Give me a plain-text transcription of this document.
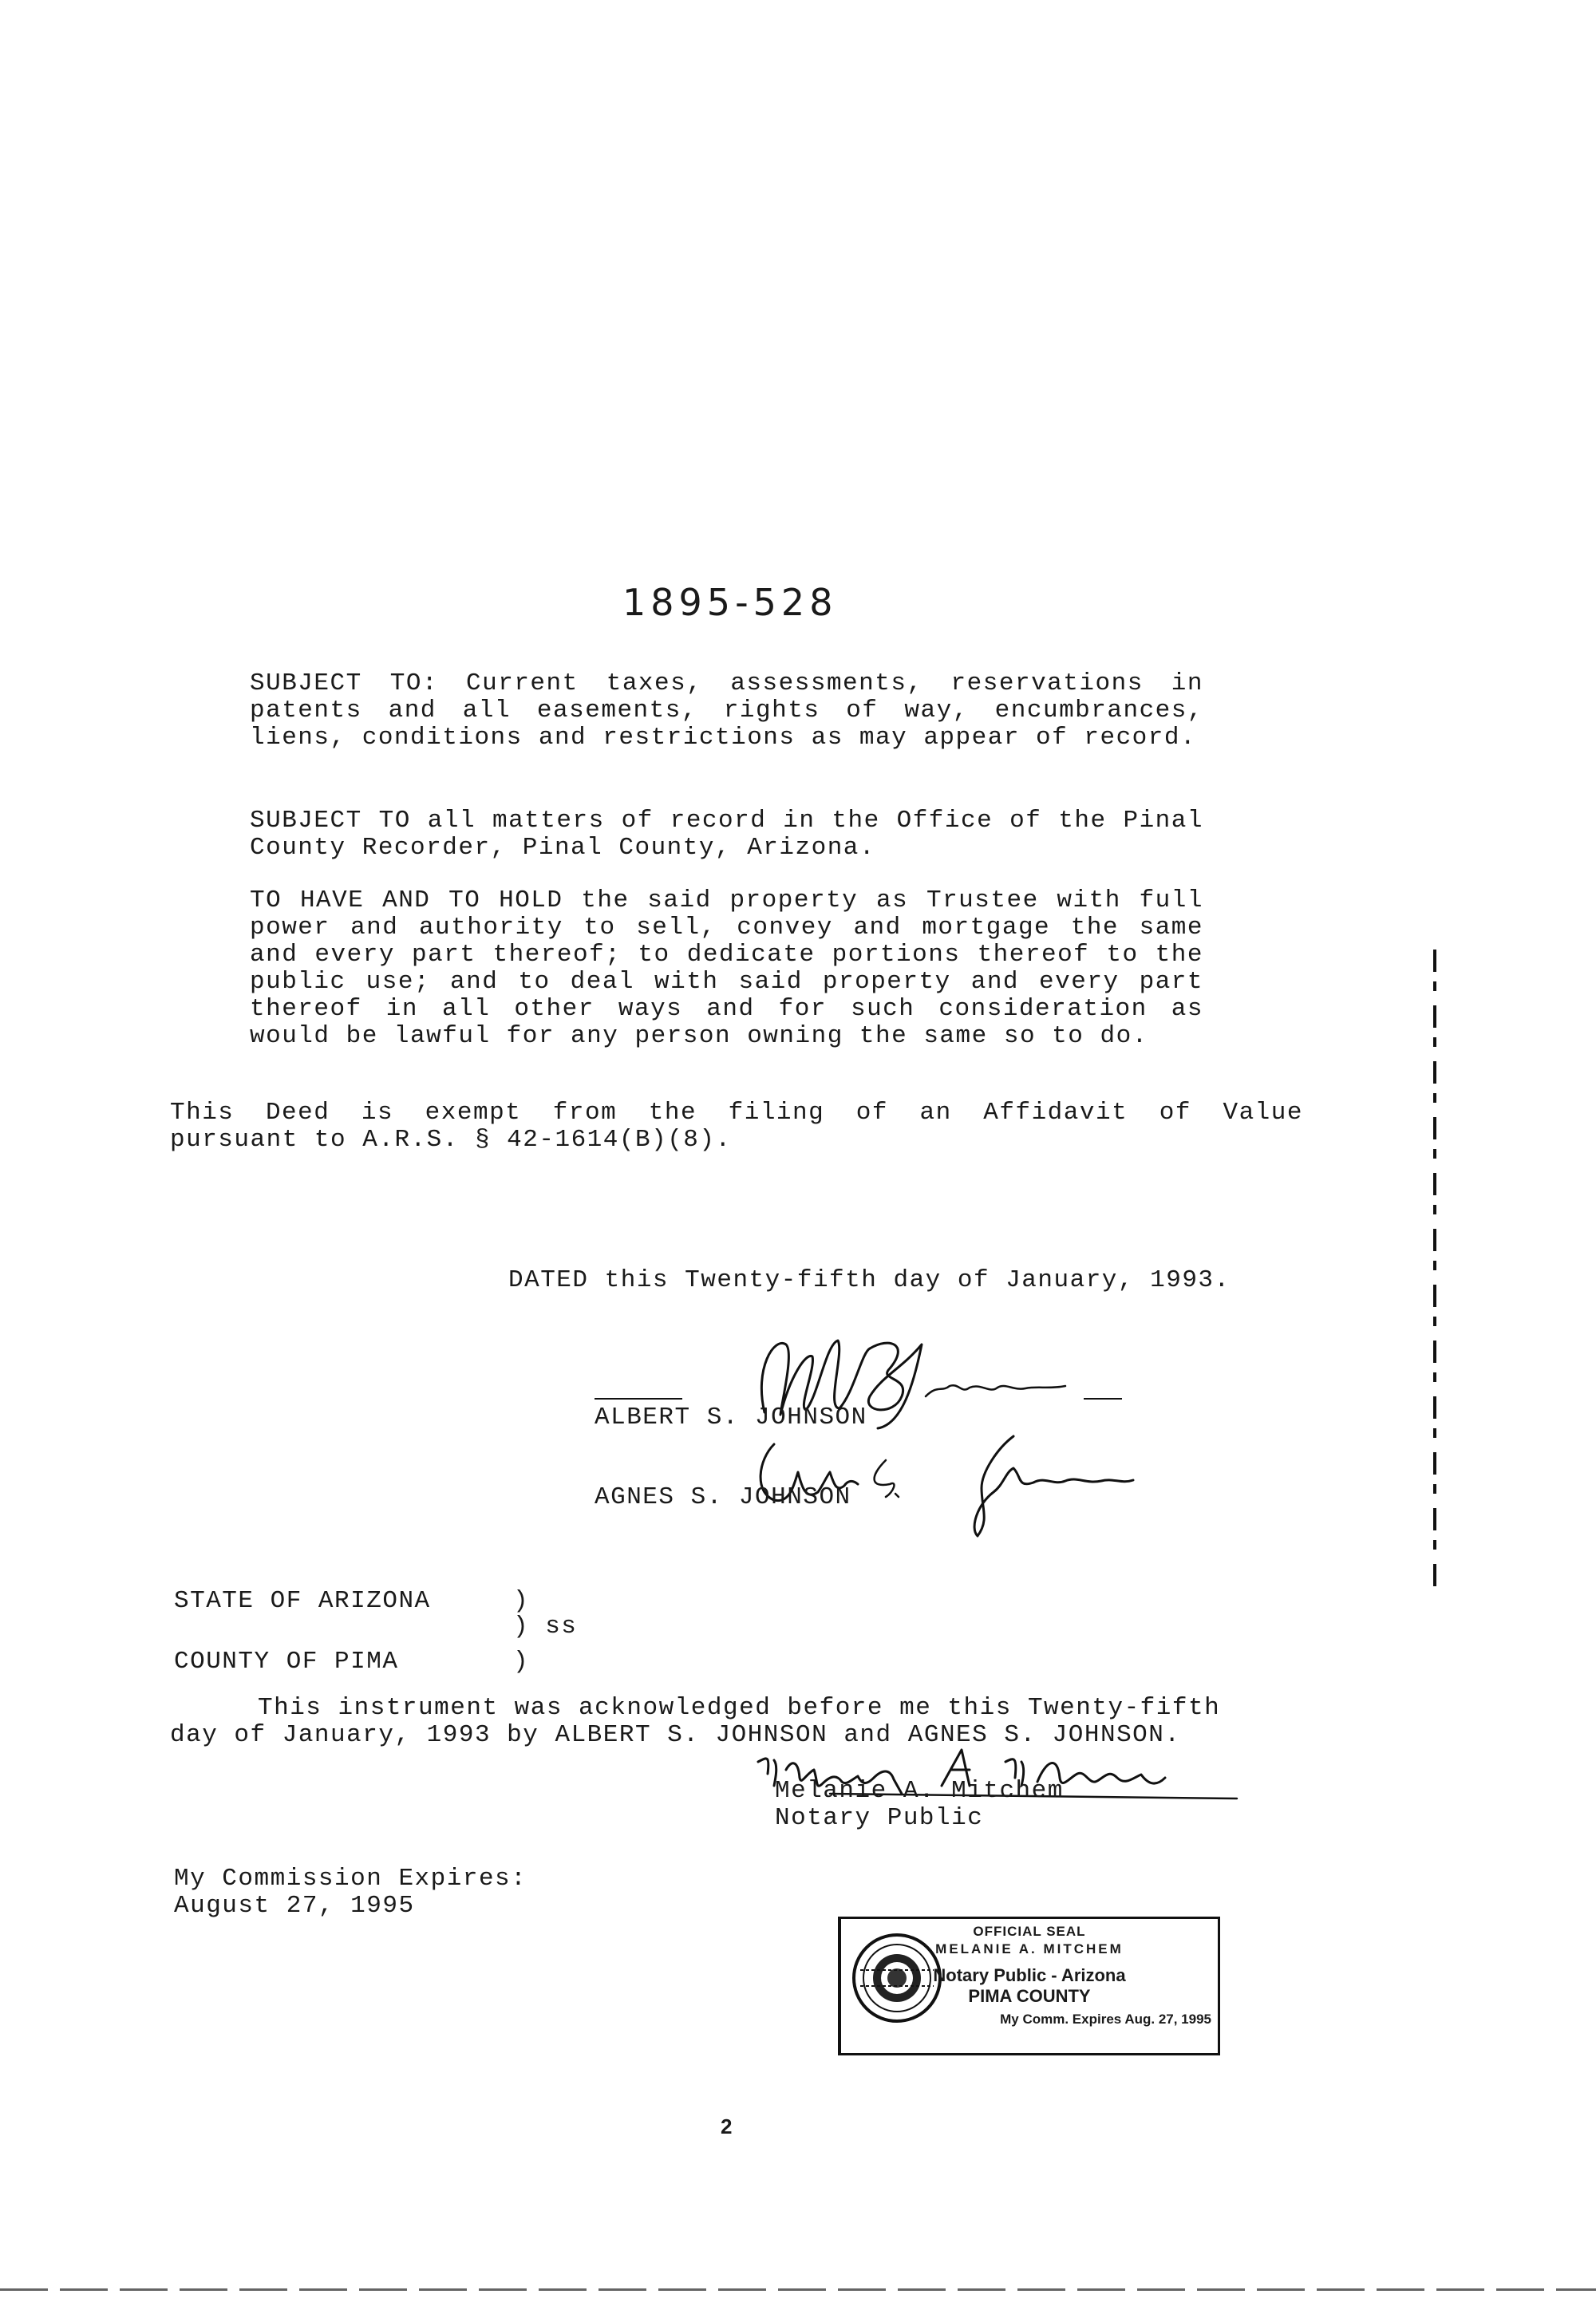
1895-528
SUBJECT TO: Current taxes, assessments, reservations in patents and all easements, rights of way, encumbrances, liens, conditions and restrictions as may appear of record.
SUBJECT TO all matters of record in the Office of the Pinal County Recorder, Pinal County, Arizona.
TO HAVE AND TO HOLD the said property as Trustee with full power and authority to sell, convey and mortgage the same and every part thereof; to dedicate portions thereof to the public use; and to deal with said property and every part thereof in all other ways and for such consideration as would be lawful for any person owning the same so to do.
This Deed is exempt from the filing of an Affidavit of Value
pursuant to A.R.S. § 42-1614(B)(8).
DATED this Twenty-fifth day of January, 1993.
ALBERT S. JOHNSON
AGNES S. JOHNSON
STATE OF ARIZONA	)
) ss
COUNTY OF PIMA	)
This instrument was acknowledged before me this Twenty-fifth
day of January, 1993 by ALBERT S. JOHNSON and AGNES S. JOHNSON.
Melanie A. Mitchem
Notary Public
My Commission Expires:
August 27, 1995
OFFICIAL SEAL
MELANIE A. MITCHEM
Notary Public - Arizona
PIMA COUNTY
My Comm. Expires Aug. 27, 1995
2
